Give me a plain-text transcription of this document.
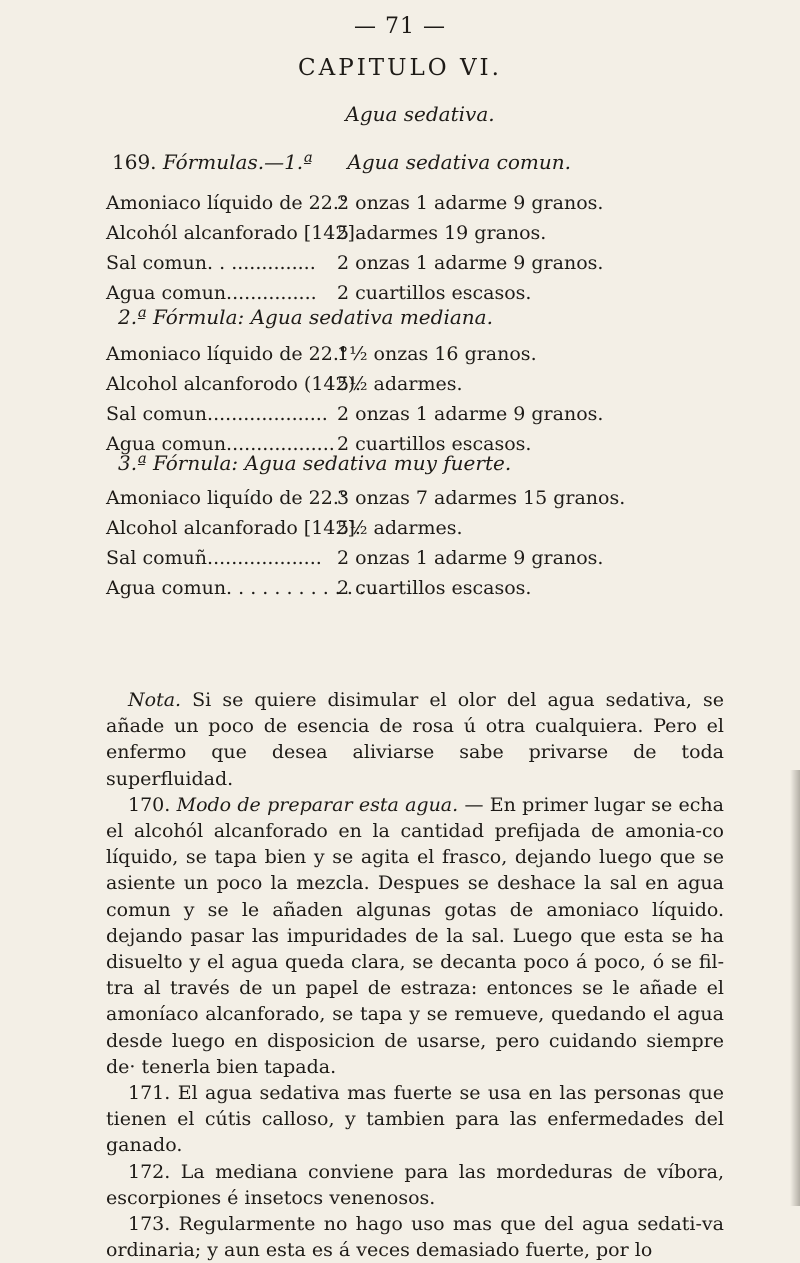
— 71 —
CAPITULO VI.
Agua sedativa.
169. Fórmulas.—1.ª Agua sedativa comun.
Amoniaco líquido de 22.°
2 onzas 1 adarme 9 granos.
Alcohól alcanforado [142].
5 adarmes 19 granos.
Sal comun. . ..............	2 onzas 1 adarme 9 granos.
Agua comun...............	2 cuartillos escasos.
2.ª Fórmula: Agua sedativa mediana.
Amoniaco líquido de 22.°
1½ onzas 16 granos.
Alcohol alcanforodo (142).
5½ adarmes.
Sal comun.................... 2 onzas 1 adarme 9 granos.
Agua comun.................. 2 cuartillos escasos.
3.ª Fórnula: Agua sedativa muy fuerte.
Amoniaco liquído de 22.°
3 onzas 7 adarmes 15 granos.
Alcohol alcanforado [142].
5½ adarmes.
Sal comuñ................... 2 onzas 1 adarme 9 granos.
Agua comun. . . . . . . . . . . . .
2 cuartillos escasos.

Nota. Si se quiere disimular el olor del agua sedativa, se añade un poco de esencia de rosa ú otra cualquiera. Pero el enfermo que desea aliviarse sabe privarse de toda superfluidad.

170. Modo de preparar esta agua. — En primer lugar se echa el alcohól alcanforado en la cantidad prefijada de amonia-co líquido, se tapa bien y se agita el frasco, dejando luego que se asiente un poco la mezcla. Despues se deshace la sal en agua comun y se le añaden algunas gotas de amoniaco líquido. dejando pasar las impuridades de la sal. Luego que esta se ha disuelto y el agua queda clara, se decanta poco á poco, ó se fil-tra al través de un papel de estraza: entonces se le añade el amoníaco alcanforado, se tapa y se remueve, quedando el agua desde luego en disposicion de usarse, pero cuidando siempre de· tenerla bien tapada.

171. El agua sedativa mas fuerte se usa en las personas que tienen el cútis calloso, y tambien para las enfermedades del ganado.

172. La mediana conviene para las mordeduras de víbora, escorpiones é insetocs venenosos.

173. Regularmente no hago uso mas que del agua sedati-va ordinaria; y aun esta es á veces demasiado fuerte, por lo
